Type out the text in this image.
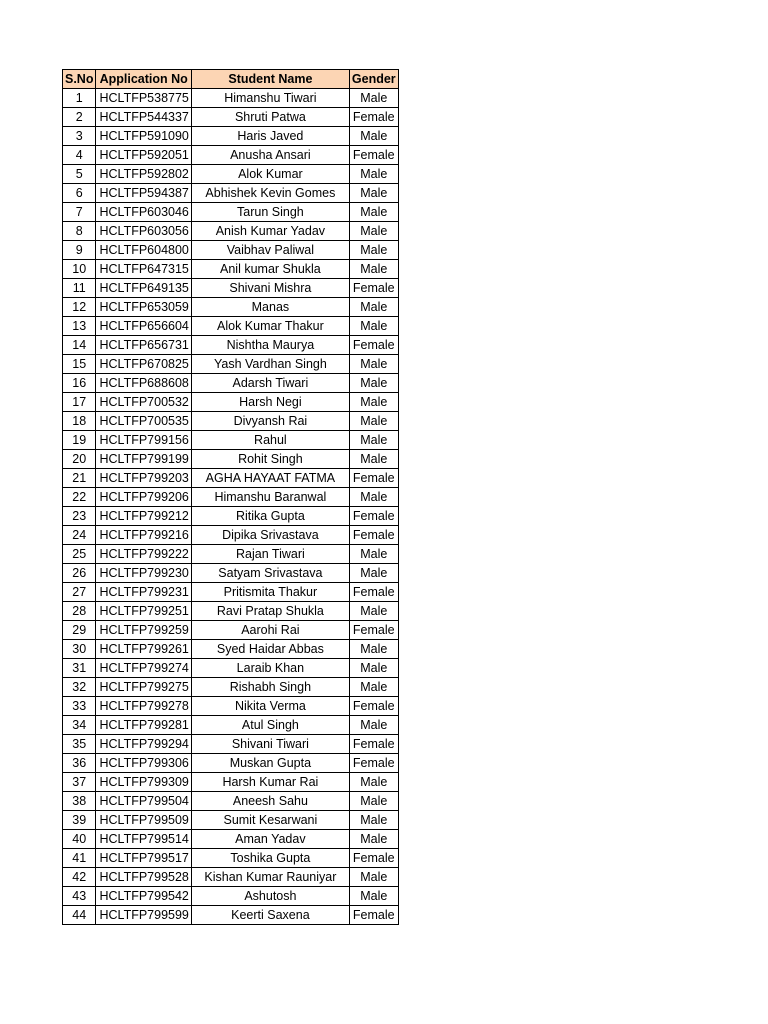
S.No	Application No	Student Name	Gender
1	HCLTFP538775	Himanshu Tiwari	Male
2	HCLTFP544337	Shruti Patwa	Female
3	HCLTFP591090	Haris Javed	Male
4	HCLTFP592051	Anusha Ansari	Female
5	HCLTFP592802	Alok Kumar	Male
6	HCLTFP594387	Abhishek Kevin Gomes	Male
7	HCLTFP603046	Tarun Singh	Male
8	HCLTFP603056	Anish Kumar Yadav	Male
9	HCLTFP604800	Vaibhav Paliwal	Male
10	HCLTFP647315	Anil kumar Shukla	Male
11	HCLTFP649135	Shivani Mishra	Female
12	HCLTFP653059	Manas	Male
13	HCLTFP656604	Alok Kumar Thakur	Male
14	HCLTFP656731	Nishtha Maurya	Female
15	HCLTFP670825	Yash Vardhan Singh	Male
16	HCLTFP688608	Adarsh Tiwari	Male
17	HCLTFP700532	Harsh Negi	Male
18	HCLTFP700535	Divyansh Rai	Male
19	HCLTFP799156	Rahul	Male
20	HCLTFP799199	Rohit Singh	Male
21	HCLTFP799203	AGHA HAYAAT FATMA	Female
22	HCLTFP799206	Himanshu Baranwal	Male
23	HCLTFP799212	Ritika Gupta	Female
24	HCLTFP799216	Dipika Srivastava	Female
25	HCLTFP799222	Rajan Tiwari	Male
26	HCLTFP799230	Satyam Srivastava	Male
27	HCLTFP799231	Pritismita Thakur	Female
28	HCLTFP799251	Ravi Pratap Shukla	Male
29	HCLTFP799259	Aarohi Rai	Female
30	HCLTFP799261	Syed Haidar Abbas	Male
31	HCLTFP799274	Laraib Khan	Male
32	HCLTFP799275	Rishabh Singh	Male
33	HCLTFP799278	Nikita Verma	Female
34	HCLTFP799281	Atul Singh	Male
35	HCLTFP799294	Shivani Tiwari	Female
36	HCLTFP799306	Muskan Gupta	Female
37	HCLTFP799309	Harsh Kumar Rai	Male
38	HCLTFP799504	Aneesh Sahu	Male
39	HCLTFP799509	Sumit Kesarwani	Male
40	HCLTFP799514	Aman Yadav	Male
41	HCLTFP799517	Toshika Gupta	Female
42	HCLTFP799528	Kishan Kumar Rauniyar	Male
43	HCLTFP799542	Ashutosh	Male
44	HCLTFP799599	Keerti Saxena	Female
